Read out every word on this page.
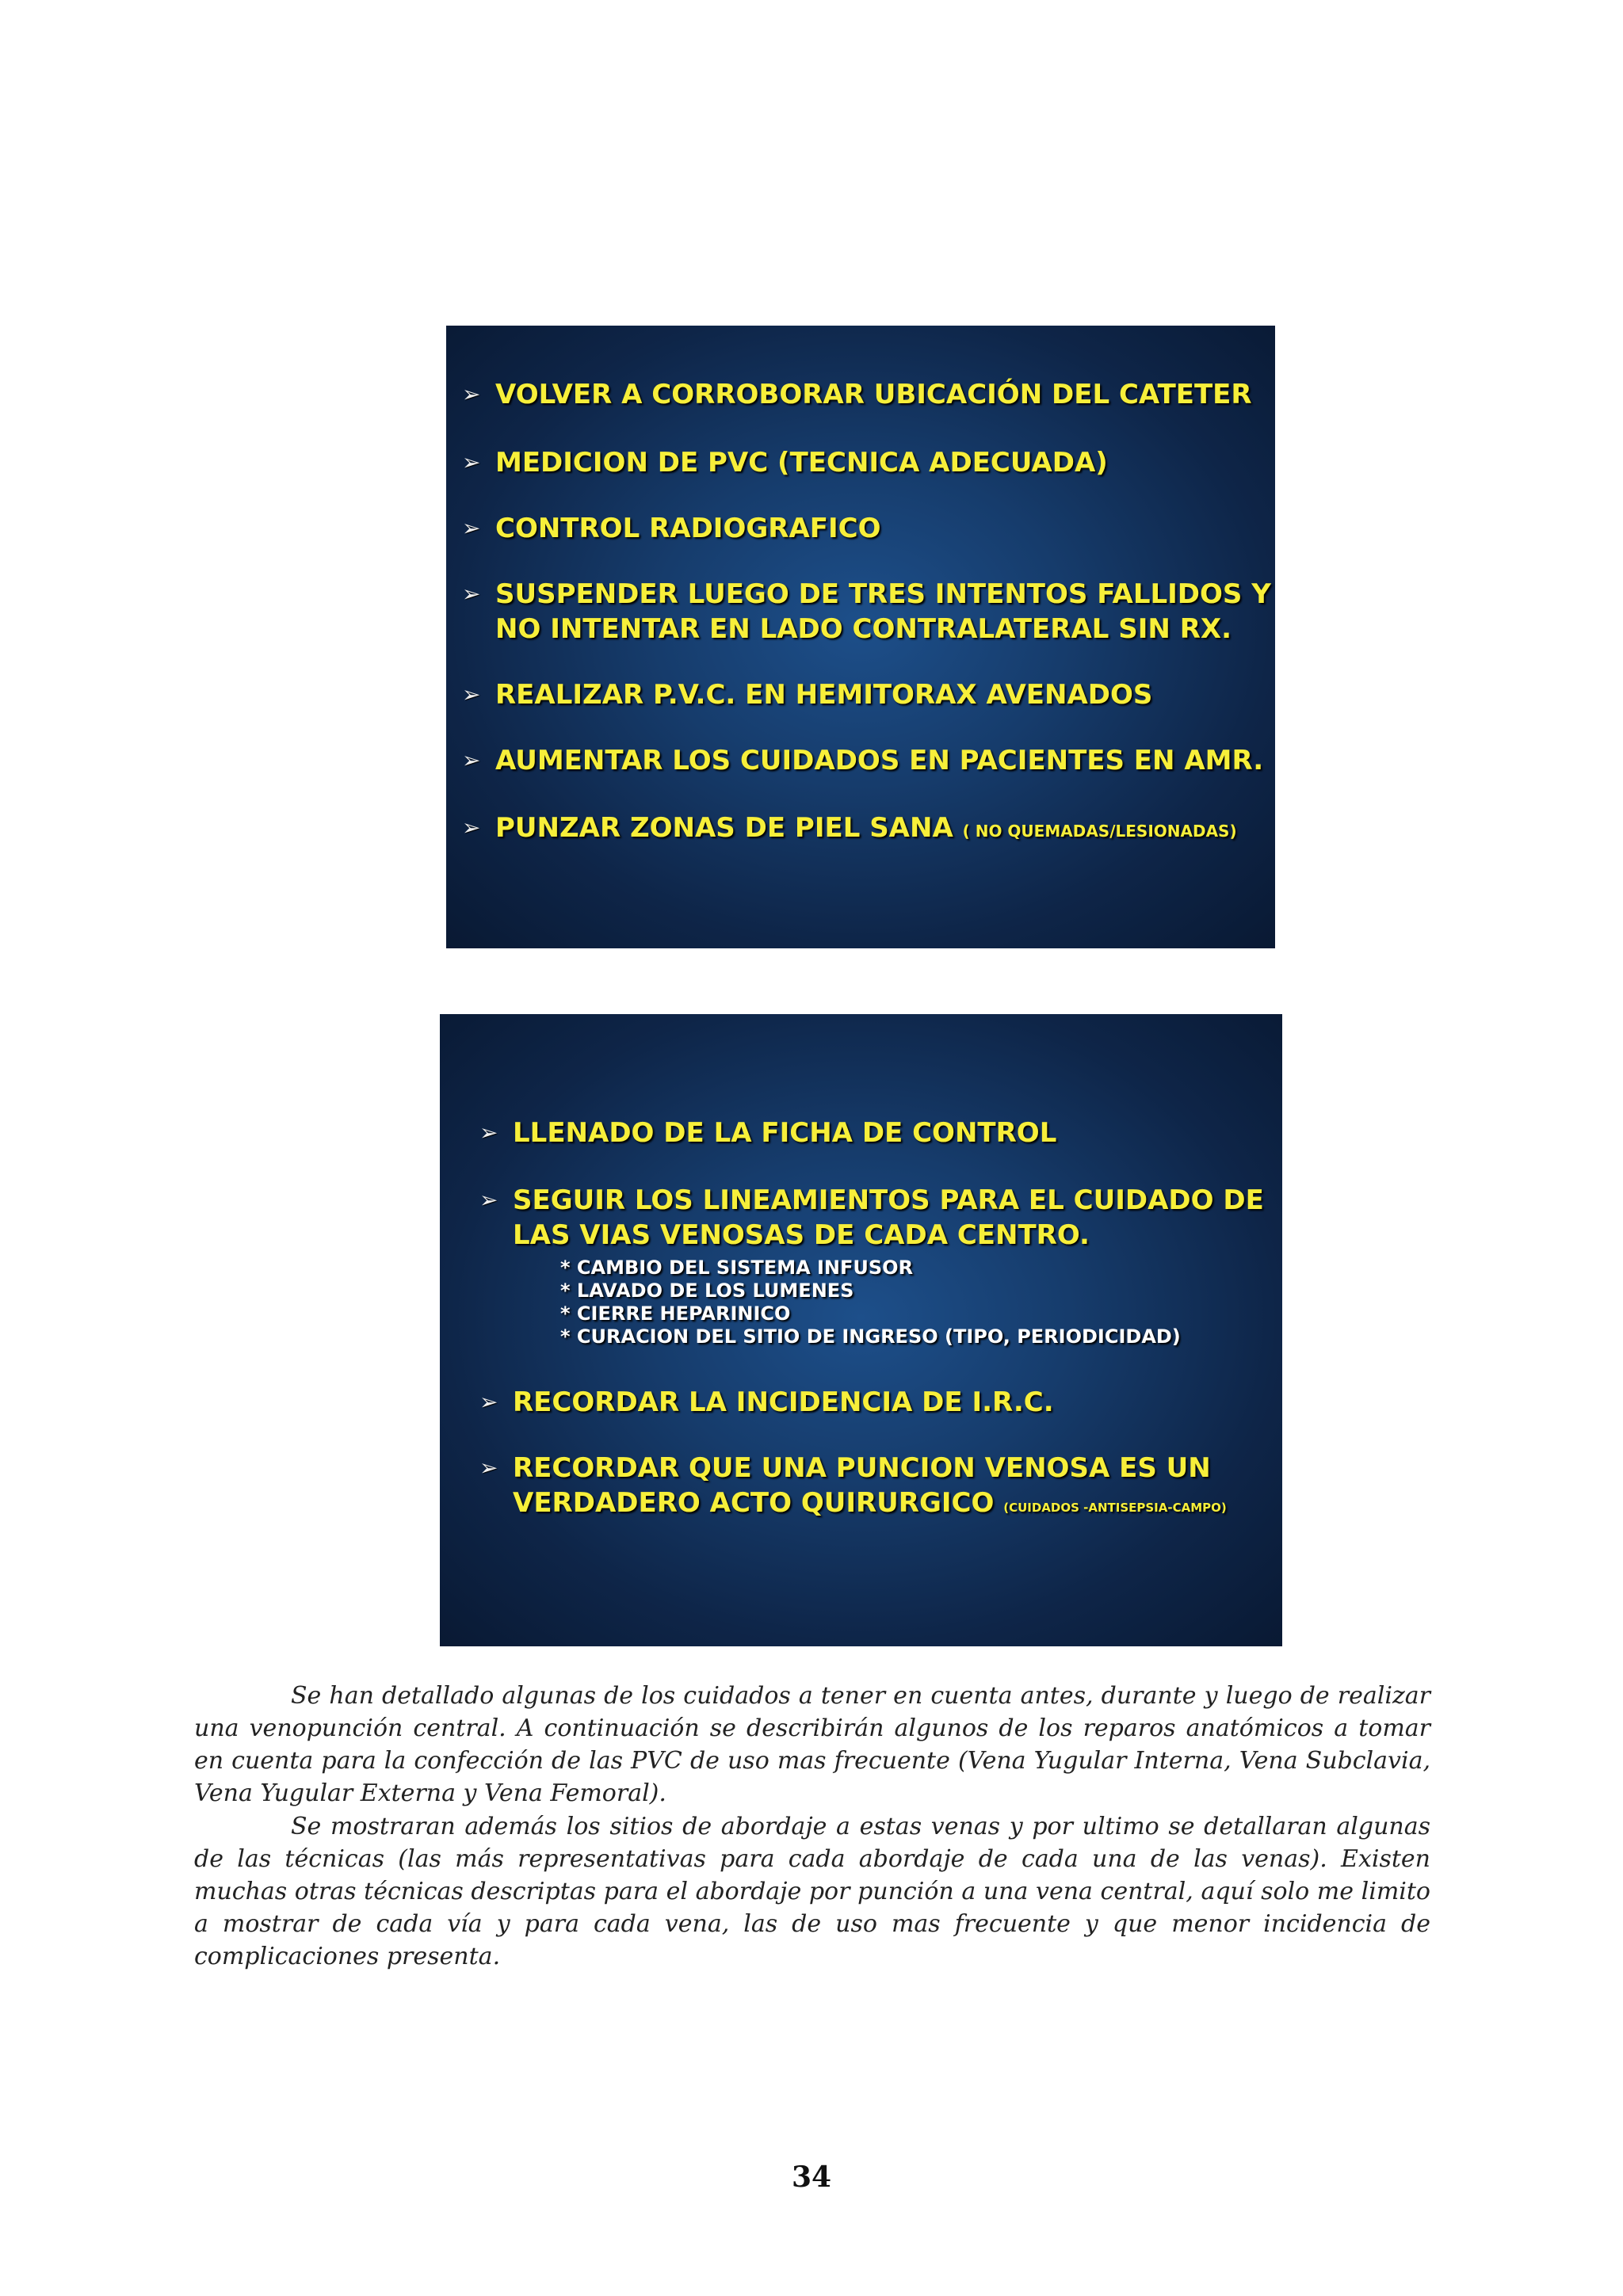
➢ VOLVER A CORROBORAR UBICACIÓN DEL CATETER
➢ MEDICION DE PVC (TECNICA ADECUADA)
➢ CONTROL RADIOGRAFICO
➢ SUSPENDER LUEGO DE TRES INTENTOS FALLIDOS Y
NO INTENTAR EN LADO CONTRALATERAL SIN RX.
➢ REALIZAR P.V.C. EN HEMITORAX AVENADOS
➢ AUMENTAR LOS CUIDADOS EN PACIENTES EN AMR.
➢ PUNZAR ZONAS DE PIEL SANA ( NO QUEMADAS/LESIONADAS)
➢ LLENADO DE LA FICHA DE CONTROL
➢ SEGUIR LOS LINEAMIENTOS PARA EL CUIDADO DE
LAS VIAS VENOSAS DE CADA CENTRO.
* CAMBIO DEL SISTEMA INFUSOR
* LAVADO DE LOS LUMENES
* CIERRE HEPARINICO
* CURACION DEL SITIO DE INGRESO (TIPO, PERIODICIDAD)
➢ RECORDAR LA INCIDENCIA DE I.R.C.
➢ RECORDAR QUE UNA PUNCION VENOSA ES UN
VERDADERO ACTO QUIRURGICO (CUIDADOS -ANTISEPSIA-CAMPO)
Se han detallado algunas de los cuidados a tener en cuenta antes, durante y luego de realizar una venopunción central. A continuación se describirán algunos de los reparos anatómicos a tomar en cuenta para la confección de las PVC de uso mas frecuente (Vena Yugular Interna, Vena Subclavia, Vena Yugular Externa y Vena Femoral).
Se mostraran además los sitios de abordaje a estas venas y por ultimo se detallaran algunas de las técnicas (las más representativas para cada abordaje de cada una de las venas). Existen muchas otras técnicas descriptas para el abordaje por punción a una vena central, aquí solo me limito a mostrar de cada vía y para cada vena, las de uso mas frecuente y que menor incidencia de complicaciones presenta.
34
